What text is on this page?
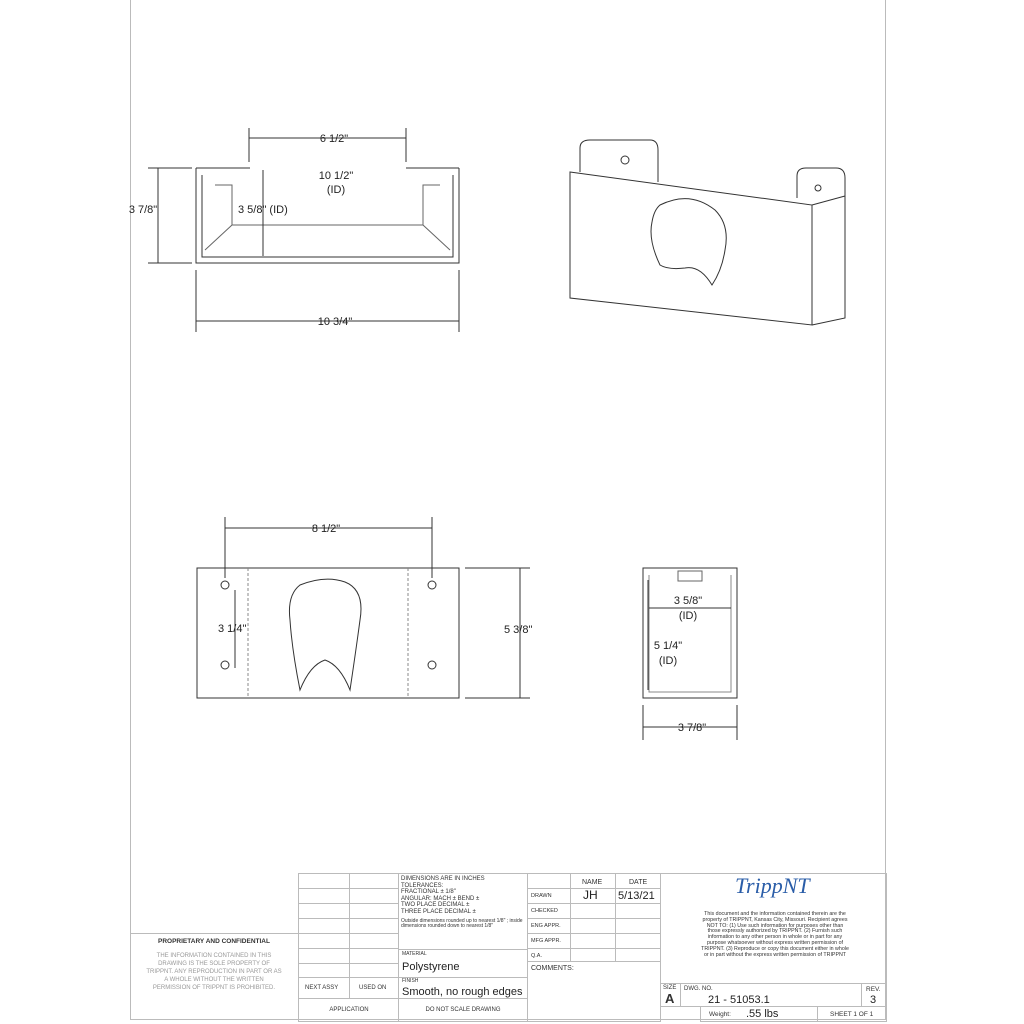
6 1/2"
10 1/2"
(ID)
3 5/8" (ID)
3 7/8"
10 3/4"
8 1/2"
3 1/4"	5 3/8"
3 5/8"
(ID)
5 1/4"
(ID)
3 7/8"
PROPRIETARY AND CONFIDENTIAL
THE INFORMATION CONTAINED IN THIS DRAWING IS THE SOLE PROPERTY OF TRIPPNT. ANY REPRODUCTION IN PART OR AS A WHOLE WITHOUT THE WRITTEN PERMISSION OF TRIPPNT IS PROHIBITED.	NEXT ASSY	USED ON
APPLICATION
DIMENSIONS ARE IN INCHES
TOLERANCES:
FRACTIONAL ± 1/8"
ANGULAR: MACH ± BEND ±
TWO PLACE DECIMAL ±
THREE PLACE DECIMAL ±
Outside dimensions rounded up to nearest 1/8" ; inside dimensions rounded down to nearest 1/8"
MATERIAL
Polystyrene
FINISH
Smooth, no rough edges
DO NOT SCALE DRAWING
NAME	DATE
DRAWN	JH 5/13/21
CHECKED
ENG APPR.
MFG APPR.
Q.A.
COMMENTS:
TrippNT
This document and the information contained therein are the property of TRIPPNT, Kansas City, Missouri. Recipient agrees NOT TO: (1) Use such information for purposes other than those expressly authorized by TRIPPNT. (2) Furnish such information to any other person in whole or in part for any purpose whatsoever without express written permission of TRIPPNT. (3) Reproduce or copy this document either in whole or in part without the express written permission of TRIPPNT
SIZE
A
DWG. NO.
21 - 51053.1
REV.
3
Weight: .55 lbs	SHEET 1 OF 1
